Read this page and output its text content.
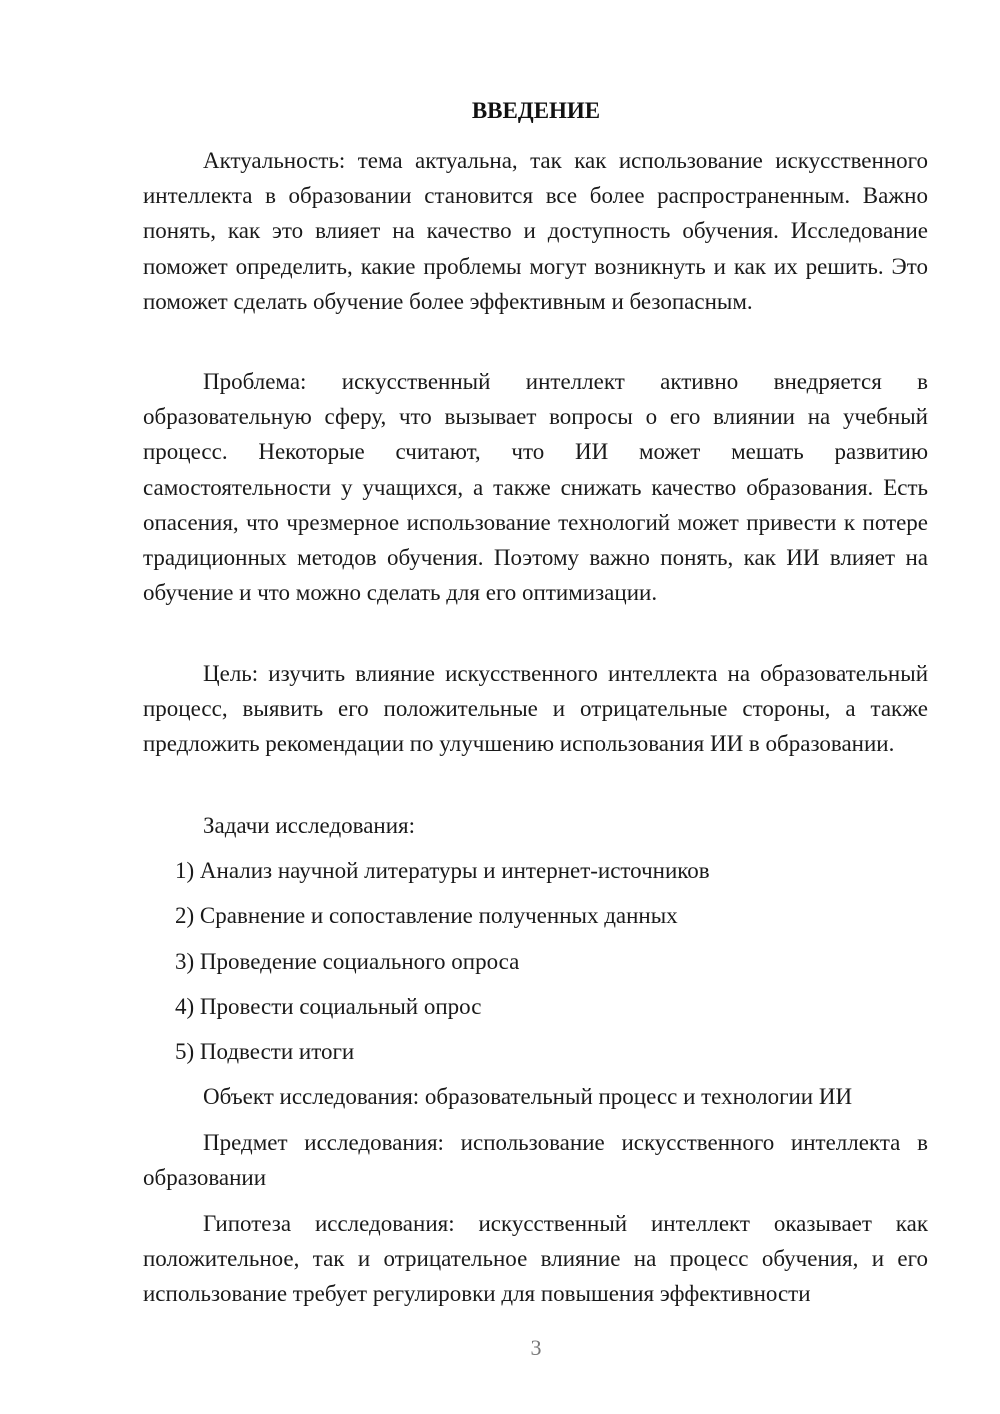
ВВЕДЕНИЕ

Актуальность: тема актуальна, так как использование искусственного интеллекта в образовании становится все более распространенным. Важно понять, как это влияет на качество и доступность обучения. Исследование поможет определить, какие проблемы могут возникнуть и как их решить. Это поможет сделать обучение более эффективным и безопасным.

Проблема: искусственный интеллект активно внедряется в образовательную сферу, что вызывает вопросы о его влиянии на учебный процесс. Некоторые считают, что ИИ может мешать развитию самостоятельности у учащихся, а также снижать качество образования. Есть опасения, что чрезмерное использование технологий может привести к потере традиционных методов обучения. Поэтому важно понять, как ИИ влияет на обучение и что можно сделать для его оптимизации.

Цель: изучить влияние искусственного интеллекта на образовательный процесс, выявить его положительные и отрицательные стороны, а также предложить рекомендации по улучшению использования ИИ в образовании.

Задачи исследования:

1) Анализ научной литературы и интернет-источников

2) Сравнение и сопоставление полученных данных

3) Проведение социального опроса

4) Провести социальный опрос

5) Подвести итоги

Объект исследования: образовательный процесс и технологии ИИ

Предмет исследования: использование искусственного интеллекта в образовании

Гипотеза исследования: искусственный интеллект оказывает как положительное, так и отрицательное влияние на процесс обучения, и его использование требует регулировки для повышения эффективности

3
